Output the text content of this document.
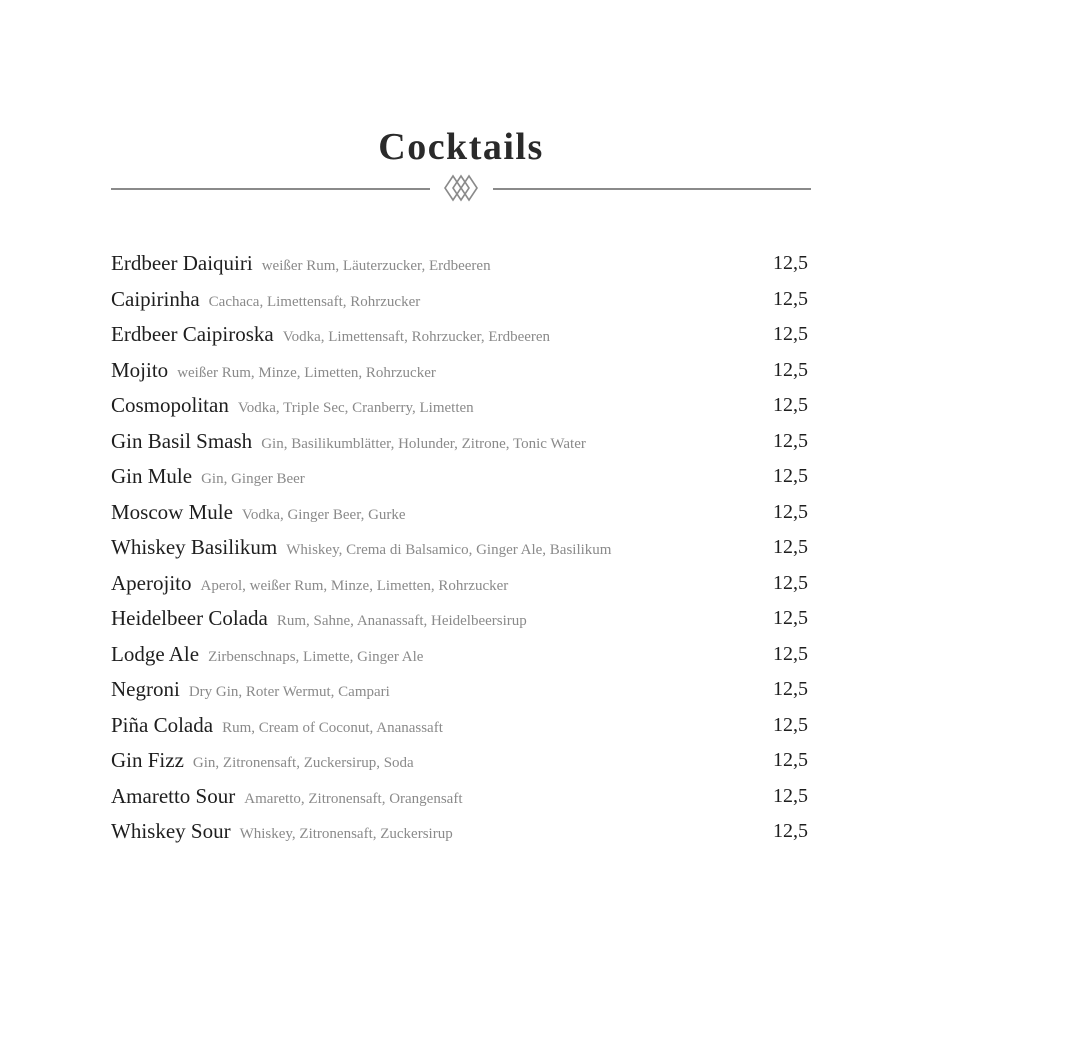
Cocktails
Erdbeer Daiquiri weißer Rum, Läuterzucker, Erdbeeren	12,5
Caipirinha Cachaca, Limettensaft, Rohrzucker	12,5
Erdbeer Caipiroska Vodka, Limettensaft, Rohrzucker, Erdbeeren	12,5
Mojito weißer Rum, Minze, Limetten, Rohrzucker	12,5
Cosmopolitan Vodka, Triple Sec, Cranberry, Limetten	12,5
Gin Basil Smash Gin, Basilikumblätter, Holunder, Zitrone, Tonic Water	12,5
Gin Mule Gin, Ginger Beer	12,5
Moscow Mule Vodka, Ginger Beer, Gurke	12,5
Whiskey Basilikum Whiskey, Crema di Balsamico, Ginger Ale, Basilikum	12,5
Aperojito Aperol, weißer Rum, Minze, Limetten, Rohrzucker	12,5
Heidelbeer Colada Rum, Sahne, Ananassaft, Heidelbeersirup	12,5
Lodge Ale Zirbenschnaps, Limette, Ginger Ale	12,5
Negroni Dry Gin, Roter Wermut, Campari	12,5
Piña Colada Rum, Cream of Coconut, Ananassaft	12,5
Gin Fizz Gin, Zitronensaft, Zuckersirup, Soda	12,5
Amaretto Sour Amaretto, Zitronensaft, Orangensaft	12,5
Whiskey Sour Whiskey, Zitronensaft, Zuckersirup	12,5
